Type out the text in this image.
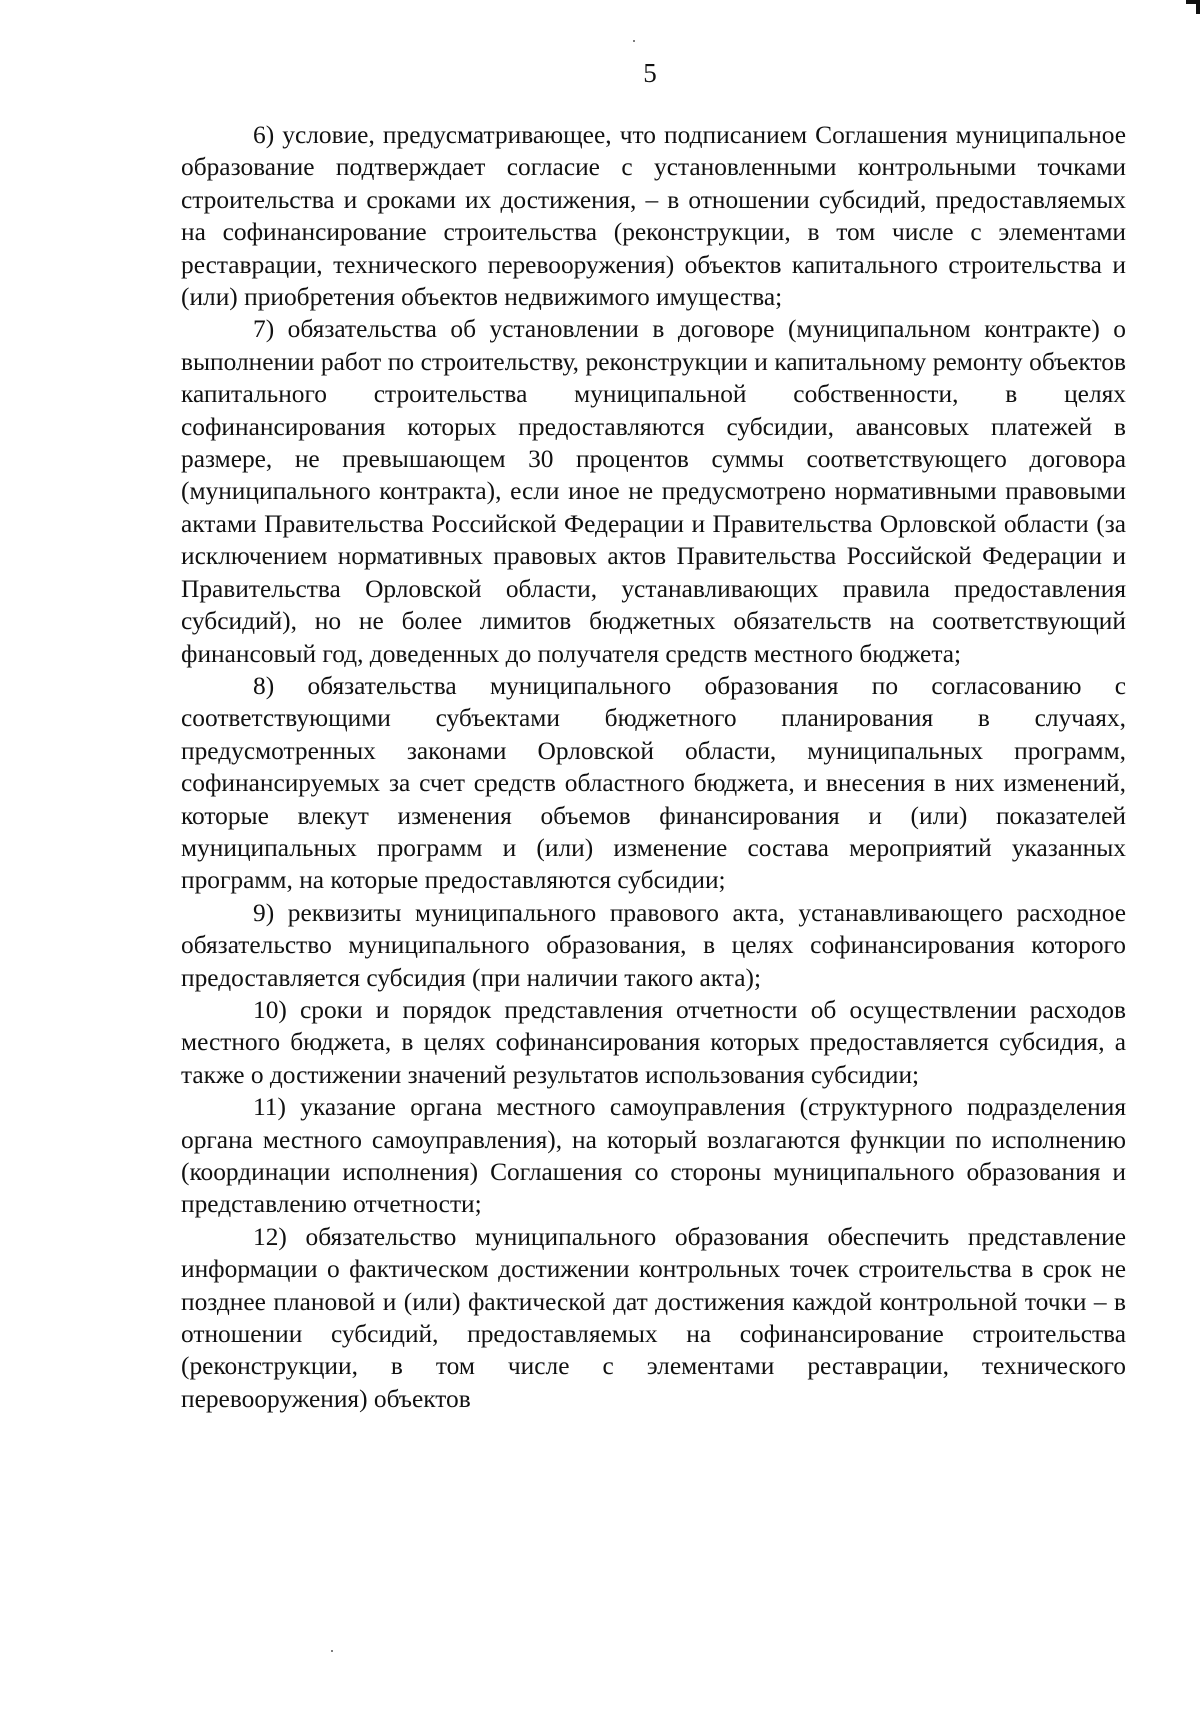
5

6) условие, предусматривающее, что подписанием Соглашения муниципальное образование подтверждает согласие с установленными контрольными точками строительства и сроками их достижения, – в отношении субсидий, предоставляемых на софинансирование строительства (реконструкции, в том числе с элементами реставрации, технического перевооружения) объектов капитального строительства и (или) приобретения объектов недвижимого имущества;

7) обязательства об установлении в договоре (муниципальном контракте) о выполнении работ по строительству, реконструкции и капитальному ремонту объектов капитального строительства муниципальной собственности, в целях софинансирования которых предоставляются субсидии, авансовых платежей в размере, не превышающем 30 процентов суммы соответствующего договора (муниципального контракта), если иное не предусмотрено нормативными правовыми актами Правительства Российской Федерации и Правительства Орловской области (за исключением нормативных правовых актов Правительства Российской Федерации и Правительства Орловской области, устанавливающих правила предоставления субсидий), но не более лимитов бюджетных обязательств на соответствующий финансовый год, доведенных до получателя средств местного бюджета;

8) обязательства муниципального образования по согласованию с соответствующими субъектами бюджетного планирования в случаях, предусмотренных законами Орловской области, муниципальных программ, софинансируемых за счет средств областного бюджета, и внесения в них изменений, которые влекут изменения объемов финансирования и (или) показателей муниципальных программ и (или) изменение состава мероприятий указанных программ, на которые предоставляются субсидии;

9) реквизиты муниципального правового акта, устанавливающего расходное обязательство муниципального образования, в целях софинансирования которого предоставляется субсидия (при наличии такого акта);

10) сроки и порядок представления отчетности об осуществлении расходов местного бюджета, в целях софинансирования которых предоставляется субсидия, а также о достижении значений результатов использования субсидии;

11) указание органа местного самоуправления (структурного подразделения органа местного самоуправления), на который возлагаются функции по исполнению (координации исполнения) Соглашения со стороны муниципального образования и представлению отчетности;

12) обязательство муниципального образования обеспечить представление информации о фактическом достижении контрольных точек строительства в срок не позднее плановой и (или) фактической дат достижения каждой контрольной точки – в отношении субсидий, предоставляемых на софинансирование строительства (реконструкции, в том числе с элементами реставрации, технического перевооружения) объектов
